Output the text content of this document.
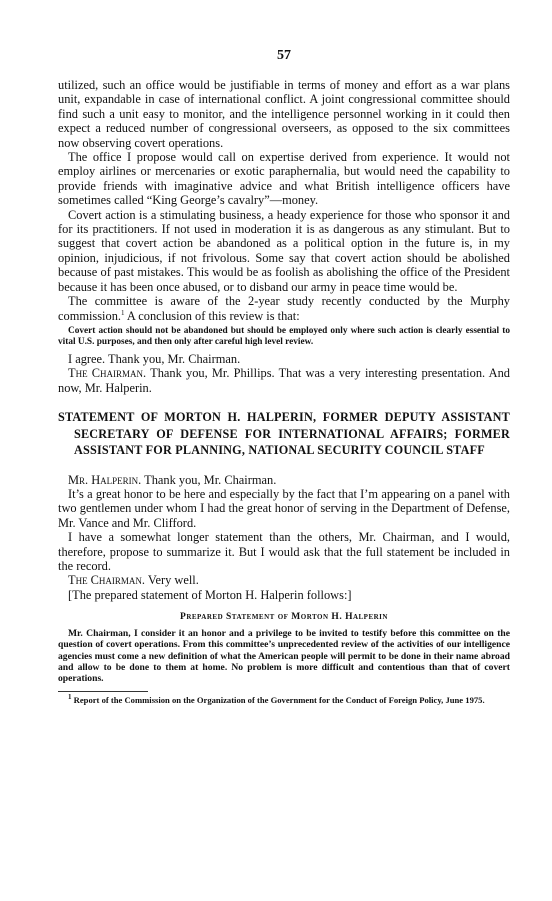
57

utilized, such an office would be justifiable in terms of money and effort as a war plans unit, expandable in case of international conflict. A joint congressional committee should find such a unit easy to monitor, and the intelligence personnel working in it could then expect a reduced number of congressional overseers, as opposed to the six committees now observing covert operations.

The office I propose would call on expertise derived from experience. It would not employ airlines or mercenaries or exotic paraphernalia, but would need the capability to provide friends with imaginative advice and what British intelligence officers have sometimes called “King George’s cavalry”—money.

Covert action is a stimulating business, a heady experience for those who sponsor it and for its practitioners. If not used in moderation it is as dangerous as any stimulant. But to suggest that covert action be abandoned as a political option in the future is, in my opinion, injudicious, if not frivolous. Some say that covert action should be abolished because of past mistakes. This would be as foolish as abolishing the office of the President because it has been once abused, or to disband our army in peace time would be.

The committee is aware of the 2-year study recently conducted by the Murphy commission.$^1$ A conclusion of this review is that:

Covert action should not be abandoned but should be employed only where such action is clearly essential to vital U.S. purposes, and then only after careful high level review.

I agree. Thank you, Mr. Chairman.

The Chairman. Thank you, Mr. Phillips. That was a very interesting presentation. And now, Mr. Halperin.

STATEMENT OF MORTON H. HALPERIN, FORMER DEPUTY ASSISTANT SECRETARY OF DEFENSE FOR INTERNATIONAL AFFAIRS; FORMER ASSISTANT FOR PLANNING, NATIONAL SECURITY COUNCIL STAFF

Mr. Halperin. Thank you, Mr. Chairman.

It’s a great honor to be here and especially by the fact that I’m appearing on a panel with two gentlemen under whom I had the great honor of serving in the Department of Defense, Mr. Vance and Mr. Clifford.

I have a somewhat longer statement than the others, Mr. Chairman, and I would, therefore, propose to summarize it. But I would ask that the full statement be included in the record.

The Chairman. Very well.

[The prepared statement of Morton H. Halperin follows:]

Prepared Statement of Morton H. Halperin
Mr. Chairman, I consider it an honor and a privilege to be invited to testify before this committee on the question of covert operations. From this committee’s unprecedented review of the activities of our intelligence agencies must come a new definition of what the American people will permit to be done in their name abroad and allow to be done to them at home. No problem is more difficult and contentious than that of covert operations.
$^1$ Report of the Commission on the Organization of the Government for the Conduct of Foreign Policy, June 1975.
